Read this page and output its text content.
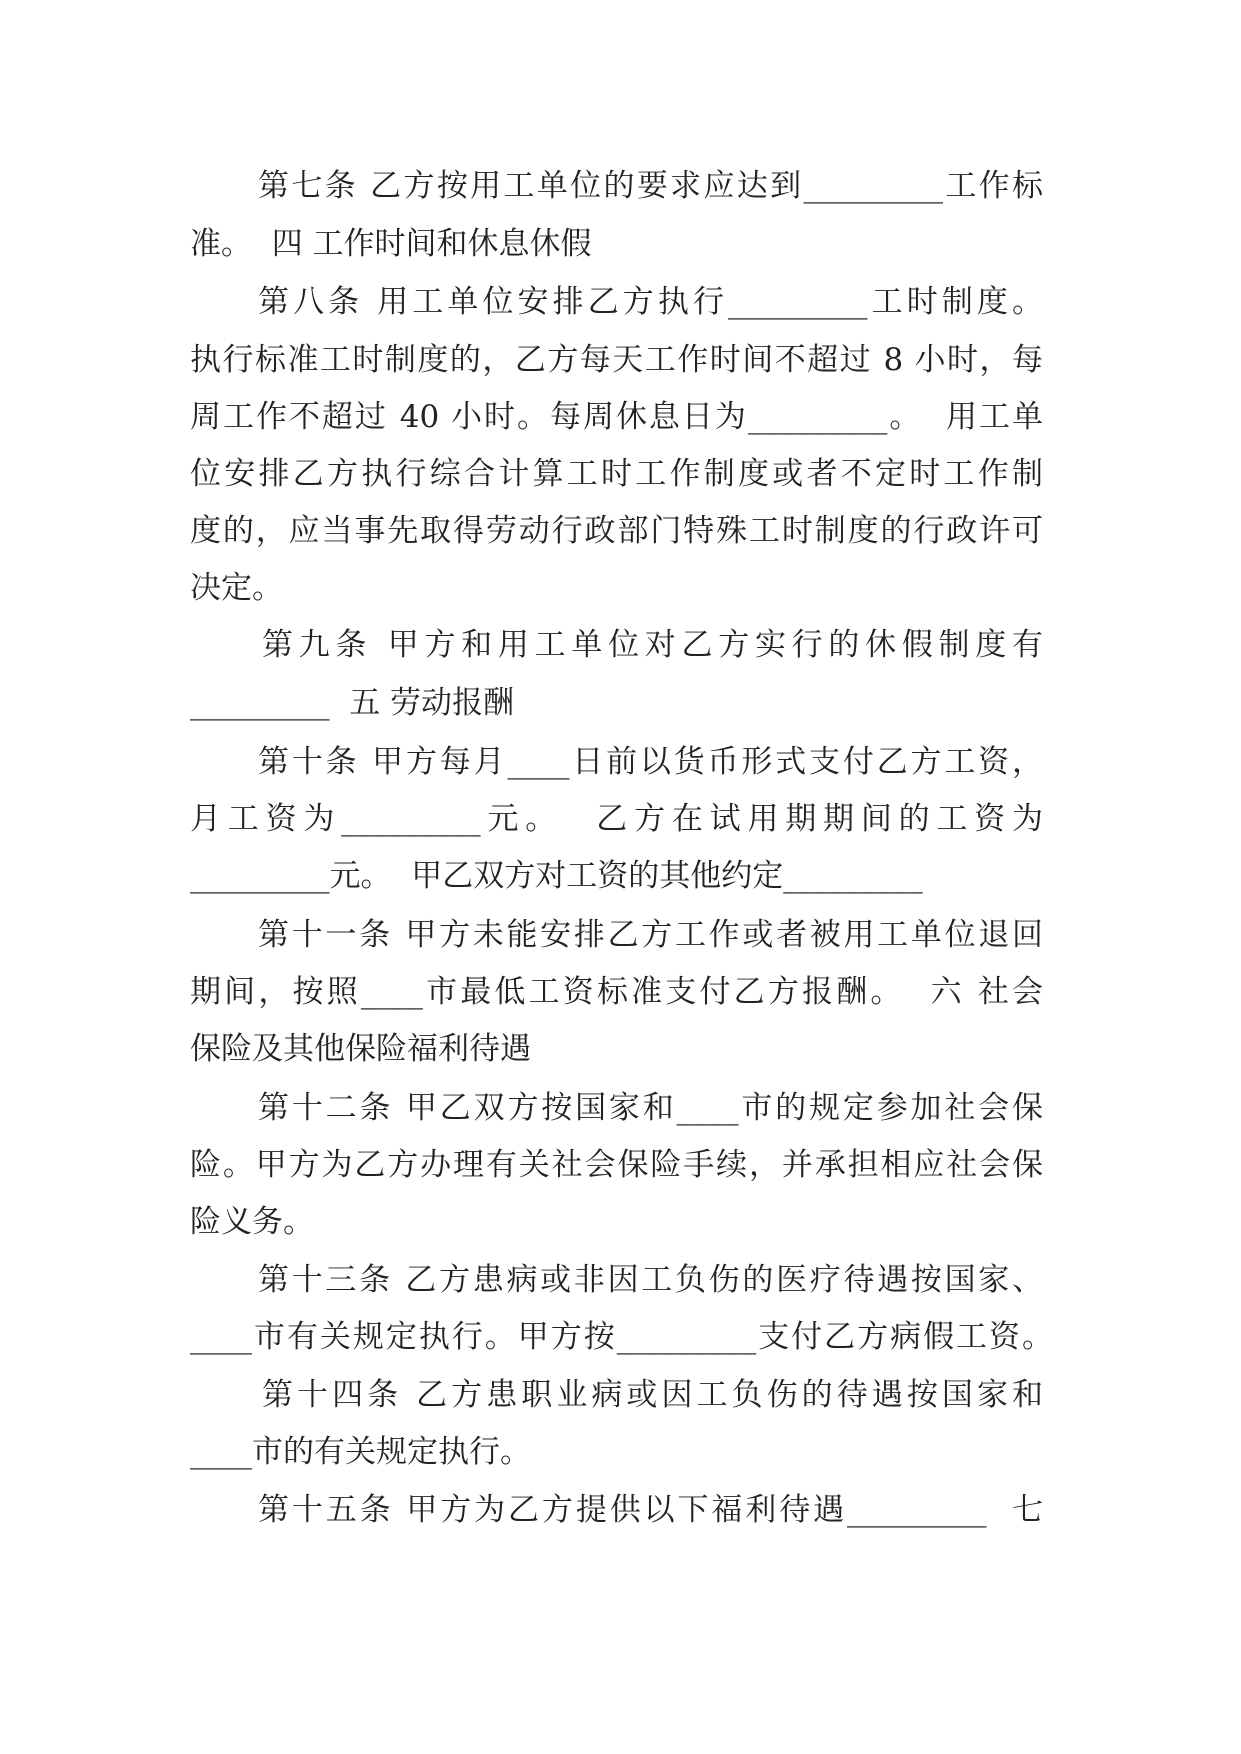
第七条 乙方按用工单位的要求应达到_________工作标

准。  四 工作时间和休息休假

第八条 用工单位安排乙方执行_________工时制度。

执行标准工时制度的，乙方每天工作时间不超过 8 小时，每

周工作不超过 40 小时。每周休息日为_________。  用工单

位安排乙方执行综合计算工时工作制度或者不定时工作制

度的，应当事先取得劳动行政部门特殊工时制度的行政许可

决定。

第九条 甲方和用工单位对乙方实行的休假制度有

_________  五 劳动报酬

第十条 甲方每月____日前以货币形式支付乙方工资，

月工资为_________元。  乙方在试用期期间的工资为

_________元。  甲乙双方对工资的其他约定_________

第十一条 甲方未能安排乙方工作或者被用工单位退回

期间，按照____市最低工资标准支付乙方报酬。  六 社会

保险及其他保险福利待遇

第十二条 甲乙双方按国家和____市的规定参加社会保

险。甲方为乙方办理有关社会保险手续，并承担相应社会保

险义务。

第十三条 乙方患病或非因工负伤的医疗待遇按国家、

____市有关规定执行。甲方按_________支付乙方病假工资。

第十四条 乙方患职业病或因工负伤的待遇按国家和

____市的有关规定执行。

第十五条 甲方为乙方提供以下福利待遇_________  七
